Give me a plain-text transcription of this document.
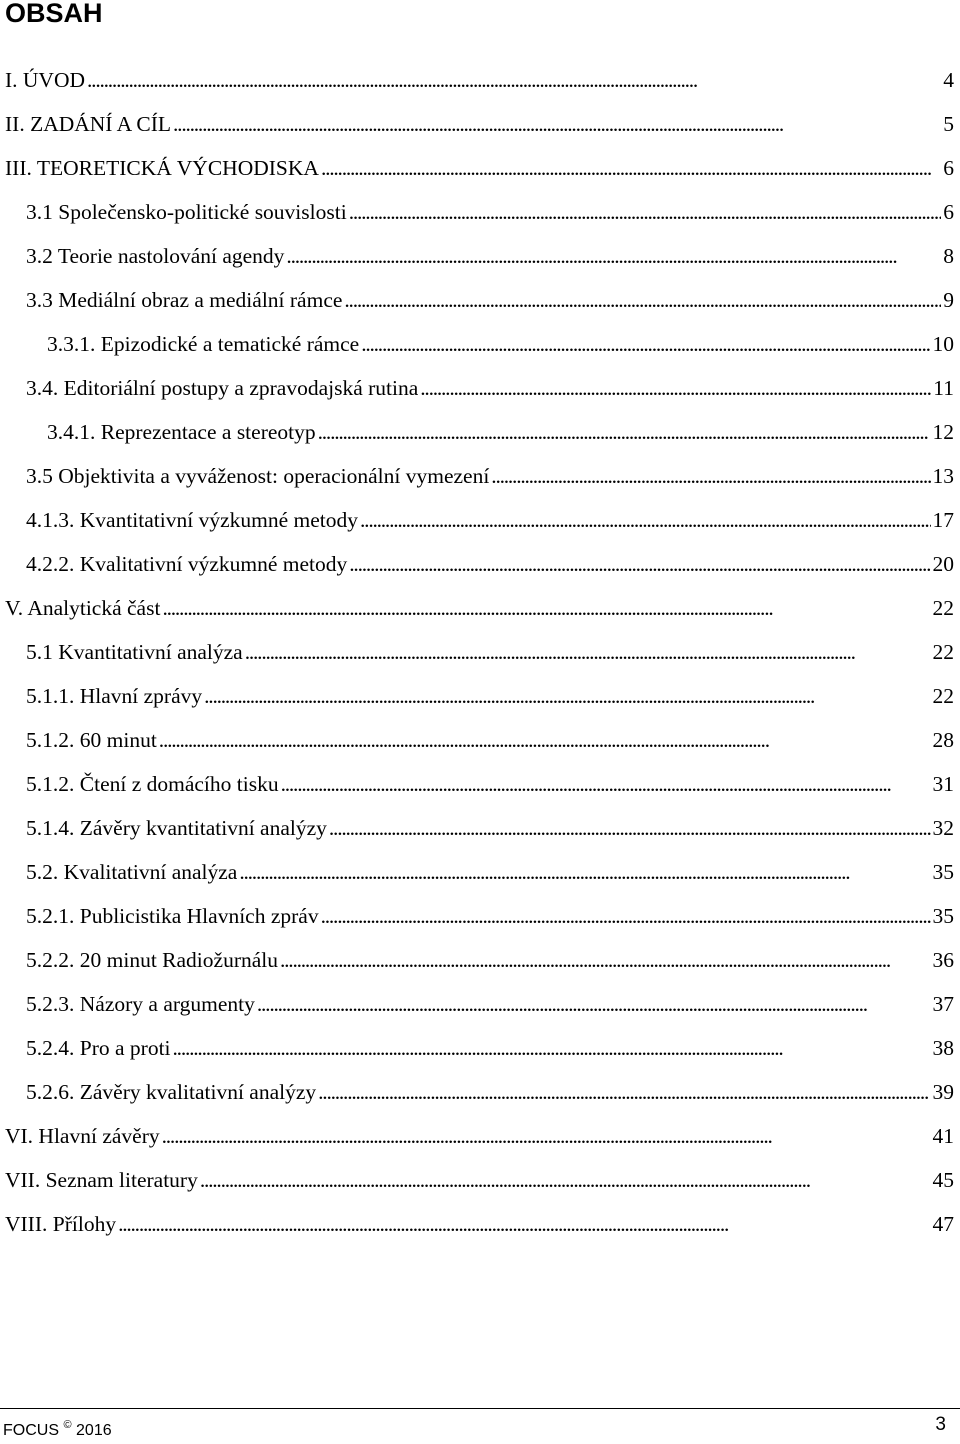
OBSAH
I. ÚVOD . . .	4
II. ZADÁNÍ A CÍL . . .	5
III. TEORETICKÁ VÝCHODISKA . . .	6
3.1 Společensko-politické souvislosti . . .	6
3.2 Teorie nastolování agendy . . .	8
3.3 Mediální obraz a mediální rámce . . .	9
3.3.1. Epizodické a tematické rámce . . .	10
3.4. Editoriální postupy a zpravodajská rutina . . .	11
3.4.1. Reprezentace a stereotyp . . .	12
3.5 Objektivita a vyváženost: operacionální vymezení . . .	13
4.1.3. Kvantitativní výzkumné metody . . .	17
4.2.2. Kvalitativní výzkumné metody . . .	20
V. Analytická část . . .	22
5.1 Kvantitativní analýza . . .	22
5.1.1. Hlavní zprávy . . .	22
5.1.2. 60 minut . . .	28
5.1.2. Čtení z domácího tisku . . .	31
5.1.4. Závěry kvantitativní analýzy . . .	32
5.2. Kvalitativní analýza . . .	35
5.2.1. Publicistika Hlavních zpráv . . .	35
5.2.2. 20 minut Radiožurnálu . . .	36
5.2.3. Názory a argumenty . . .	37
5.2.4. Pro a proti . . .	38
5.2.6. Závěry kvalitativní analýzy . . .	39
VI. Hlavní závěry . . .	41
VII. Seznam literatury . . .	45
VIII. Přílohy . . .	47
FOCUS © 2016	3
